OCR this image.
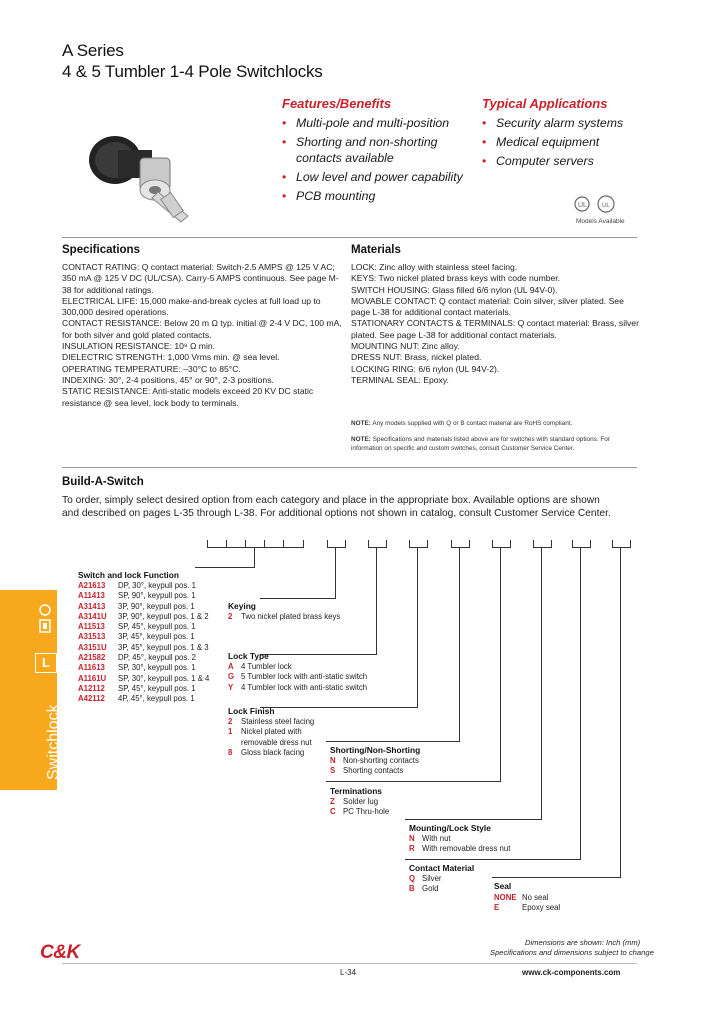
A Series
4 & 5 Tumbler 1-4 Pole Switchlocks
Features/Benefits
• Multi-pole and multi-position
• Shorting and non-shorting contacts available
• Low level and power capability
• PCB mounting
Typical Applications
• Security alarm systems
• Medical equipment
• Computer servers
UL	UL
Models Available
Specifications

CONTACT RATING: Q contact material: Switch-2.5 AMPS @ 125 V AC; 350 mA @ 125 V DC (UL/CSA). Carry-5 AMPS continuous. See page M-38 for additional ratings.

ELECTRICAL LIFE: 15,000 make-and-break cycles at full load up to 300,000 desired operations.

CONTACT RESISTANCE: Below 20 m Ω typ. initial @ 2-4 V DC, 100 mA, for both silver and gold plated contacts.

INSULATION RESISTANCE: 10⁹ Ω min.

DIELECTRIC STRENGTH: 1,000 Vrms min. @ sea level.

OPERATING TEMPERATURE: –30°C to 85°C.

INDEXING: 30°, 2-4 positions, 45° or 90°, 2-3 positions.

STATIC RESISTANCE: Anti-static models exceed 20 KV DC static resistance @ sea level, lock body to terminals.

Materials

LOCK: Zinc alloy with stainless steel facing.

KEYS: Two nickel plated brass keys with code number.

SWITCH HOUSING: Glass filled 6/6 nylon (UL 94V-0).

MOVABLE CONTACT: Q contact material: Coin silver, silver plated. See page L-38 for additional contact materials.

STATIONARY CONTACTS & TERMINALS: Q contact material: Brass, silver plated. See page L-38 for additional contact materials.

MOUNTING NUT: Zinc alloy.

DRESS NUT: Brass, nickel plated.

LOCKING RING: 6/6 nylon (UL 94V-2).

TERMINAL SEAL: Epoxy.

NOTE: Any models supplied with Q or B contact material are RoHS compliant.
NOTE: Specifications and materials listed above are for switches with standard options. For information on specific and custom switches, consult Customer Service Center.
Build-A-Switch
To order, simply select desired option from each category and place in the appropriate box. Available options are shown and described on pages L-35 through L-38. For additional options not shown in catalog, consult Customer Service Center.
Switch and lock Function
A21613 DP, 30°, keypull pos. 1
A11413 SP, 90°, keypull pos. 1
A31413 3P, 90°, keypull pos. 1
A3141U 3P, 90°, keypull pos. 1 & 2
A11513 SP, 45°, keypull pos. 1
A31513 3P, 45°, keypull pos. 1
A3151U 3P, 45°, keypull pos. 1 & 3
A21582 DP, 45°, keypull pos. 2
A11613 SP, 30°, keypull pos. 1
A1161U SP, 30°, keypull pos. 1 & 4
A12112 SP, 45°, keypull pos. 1
A42112 4P, 45°, keypull pos. 1
Keying
2 Two nickel plated brass keys
Lock Type
A 4 Tumbler lock
G 5 Tumbler lock with anti-static switch
Y 4 Tumbler lock with anti-static switch
Lock Finish
2 Stainless steel facing
1 Nickel plated with
removable dress nut
8 Gloss black facing	Shorting/Non-Shorting
N Non-shorting contacts
S Shorting contacts
Terminations
Z Solder lug
C PC Thru-hole
Mounting/Lock Style
N With nut
R With removable dress nut
Contact Material
Q Silver
B Gold	Seal
NONE No seal
E	Epoxy seal
L
Switchlock
C&K	Dimensions are shown: Inch (mm)
Specifications and dimensions subject to change
L-34	www.ck-components.com
